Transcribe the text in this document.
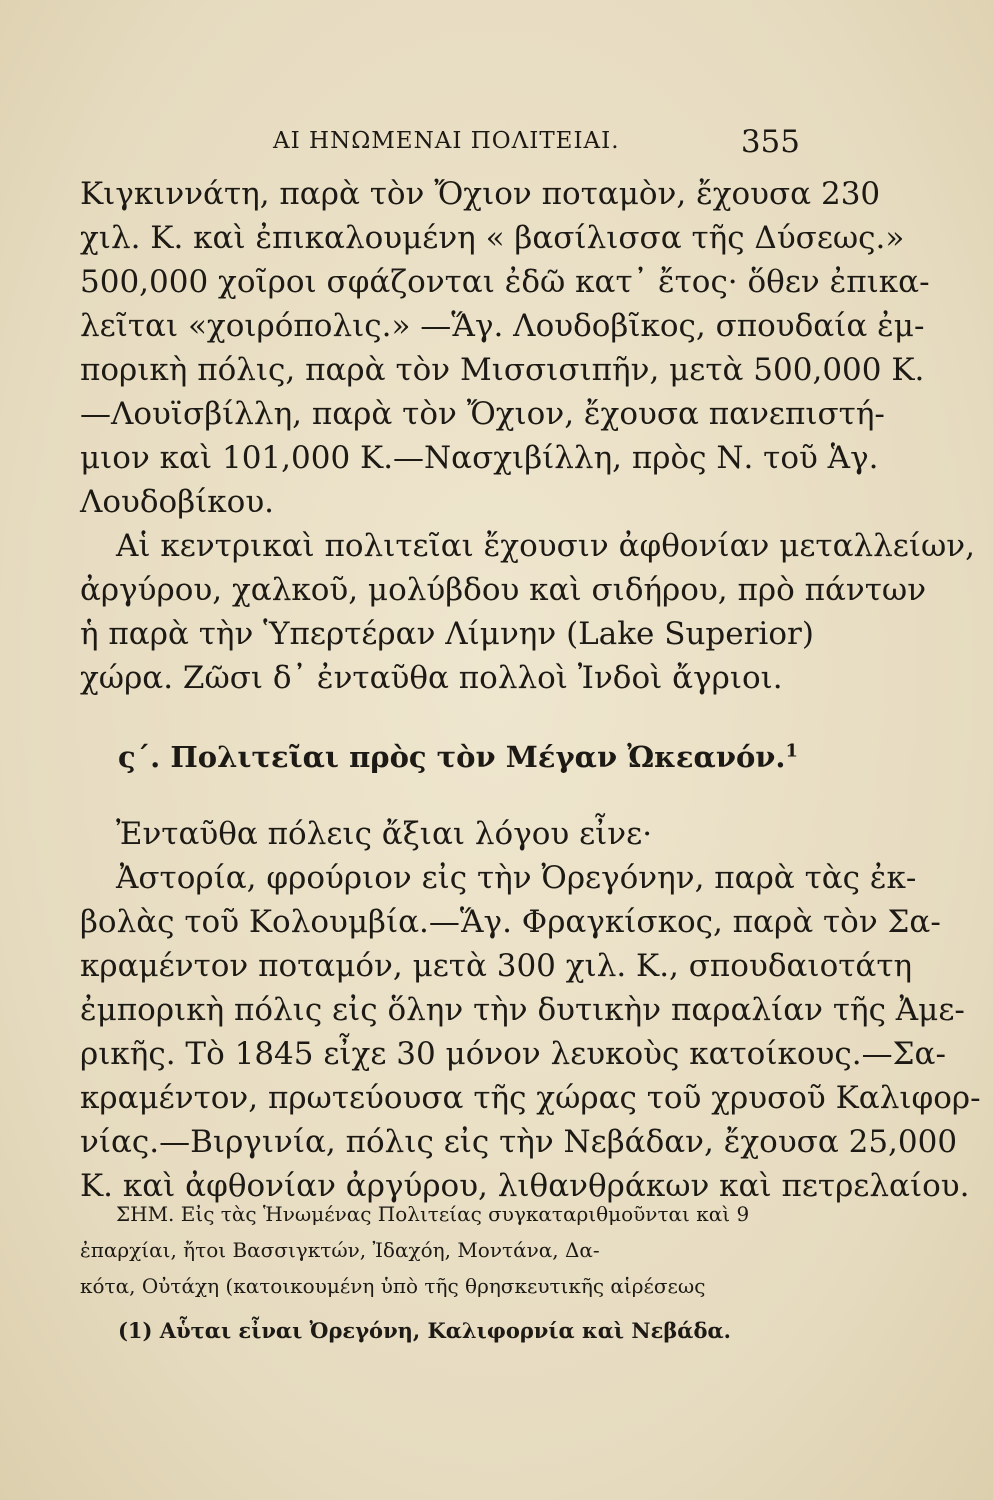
ΑΙ ΗΝΩΜΕΝΑΙ ΠΟΛΙΤΕΙΑΙ.	355
Κιγκιννάτη, παρὰ τὸν Ὄχιον ποταμὸν, ἔχουσα 230
χιλ. Κ. καὶ ἐπικαλουμένη « βασίλισσα τῆς Δύσεως.»
500,000 χοῖροι σφάζονται ἐδῶ κατ᾽ ἔτος· ὅθεν ἐπικα-
λεῖται «χοιρόπολις.» —Ἅγ. Λουδοβῖκος, σπουδαία ἐμ-
πορικὴ πόλις, παρὰ τὸν Μισσισιπῆν, μετὰ 500,000 Κ.
—Λουϊσβίλλη, παρὰ τὸν Ὄχιον, ἔχουσα πανεπιστή-
μιον καὶ 101,000 Κ.—Νασχιβίλλη, πρὸς Ν. τοῦ Ἁγ.
Λουδοβίκου.
Αἱ κεντρικαὶ πολιτεῖαι ἔχουσιν ἀφθονίαν μεταλλείων,
ἀργύρου, χαλκοῦ, μολύβδου καὶ σιδήρου, πρὸ πάντων
ἡ παρὰ τὴν Ὑπερτέραν Λίμνην (Lake Superior)
χώρα. Ζῶσι δ᾽ ἐνταῦθα πολλοὶ Ἰνδοὶ ἄγριοι.
ς΄. Πολιτεῖαι πρὸς τὸν Μέγαν Ὠκεανόν.$^1$
Ἐνταῦθα πόλεις ἄξιαι λόγου εἶνε·
Ἀστορία, φρούριον εἰς τὴν Ὀρεγόνην, παρὰ τὰς ἐκ-
βολὰς τοῦ Κολουμβία.—Ἅγ. Φραγκίσκος, παρὰ τὸν Σα-
κραμέντον ποταμόν, μετὰ 300 χιλ. Κ., σπουδαιοτάτη
ἐμπορικὴ πόλις εἰς ὅλην τὴν δυτικὴν παραλίαν τῆς Ἀμε-
ρικῆς. Τὸ 1845 εἶχε 30 μόνον λευκοὺς κατοίκους.—Σα-
κραμέντον, πρωτεύουσα τῆς χώρας τοῦ χρυσοῦ Καλιφορ-
νίας.—Βιργινία, πόλις εἰς τὴν Νεβάδαν, ἔχουσα 25,000
Κ. καὶ ἀφθονίαν ἀργύρου, λιθανθράκων καὶ πετρελαίου.
ΣΗΜ. Εἰς τὰς Ἡνωμένας Πολιτείας συγκαταριθμοῦνται καὶ 9
ἐπαρχίαι, ἤτοι Βασσιγκτών, Ἰδαχόη, Μοντάνα, Δα-
κότα, Οὐτάχη (κατοικουμένη ὑπὸ τῆς θρησκευτικῆς αἱρέσεως
(1) Αὗται εἶναι Ὀρεγόνη, Καλιφορνία καὶ Νεβάδα.
